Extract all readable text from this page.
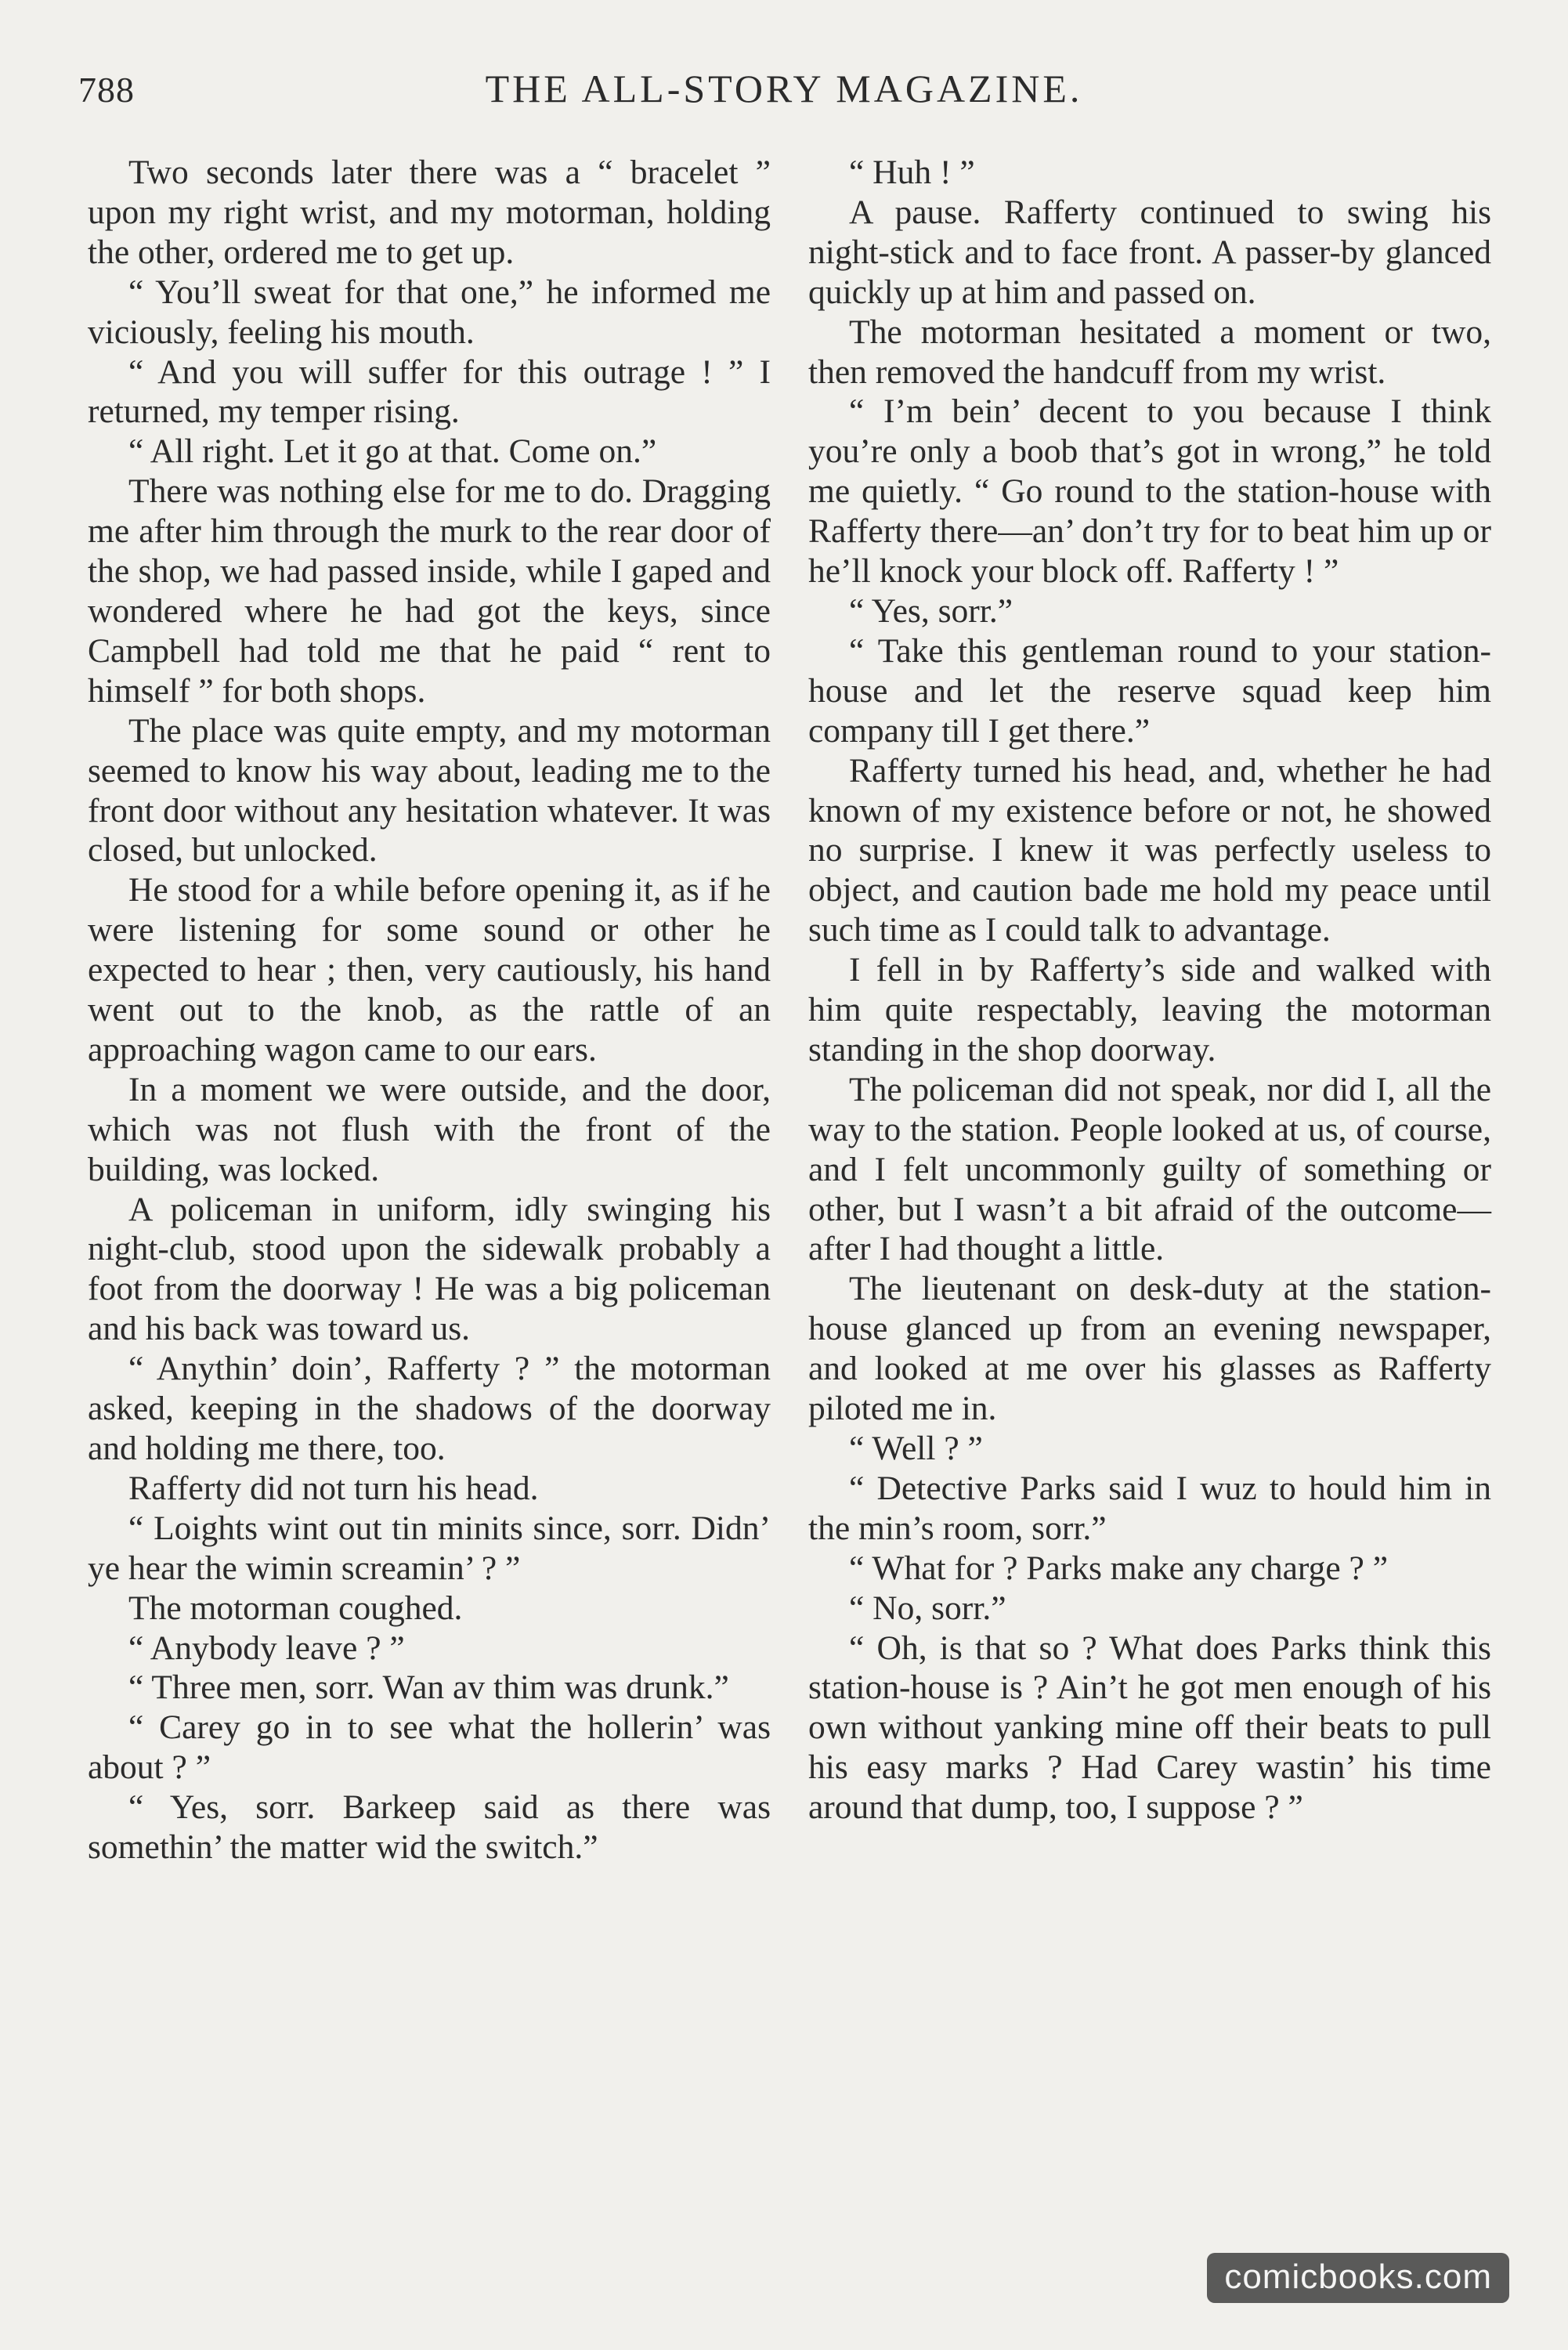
788	THE ALL-STORY MAGAZINE.

Two seconds later there was a “ bracelet ” upon my right wrist, and my motorman, holding the other, ordered me to get up.

“ You’ll sweat for that one,” he informed me viciously, feeling his mouth.

“ And you will suffer for this outrage ! ” I returned, my temper rising.

“ All right. Let it go at that. Come on.”

There was nothing else for me to do. Dragging me after him through the murk to the rear door of the shop, we had passed inside, while I gaped and wondered where he had got the keys, since Campbell had told me that he paid “ rent to himself ” for both shops.

The place was quite empty, and my motorman seemed to know his way about, leading me to the front door without any hesitation whatever. It was closed, but unlocked.

He stood for a while before opening it, as if he were listening for some sound or other he expected to hear ; then, very cautiously, his hand went out to the knob, as the rattle of an approaching wagon came to our ears.

In a moment we were outside, and the door, which was not flush with the front of the building, was locked.

A policeman in uniform, idly swinging his night-club, stood upon the sidewalk probably a foot from the doorway ! He was a big policeman and his back was toward us.

“ Anythin’ doin’, Rafferty ? ” the motorman asked, keeping in the shadows of the doorway and holding me there, too.

Rafferty did not turn his head.

“ Loights wint out tin minits since, sorr. Didn’ ye hear the wimin screamin’ ? ”

The motorman coughed.

“ Anybody leave ? ”

“ Three men, sorr. Wan av thim was drunk.”

“ Carey go in to see what the hollerin’ was about ? ”

“ Yes, sorr. Barkeep said as there was somethin’ the matter wid the switch.”

“ Huh ! ”

A pause. Rafferty continued to swing his night-stick and to face front. A passer-by glanced quickly up at him and passed on.

The motorman hesitated a moment or two, then removed the handcuff from my wrist.

“ I’m bein’ decent to you because I think you’re only a boob that’s got in wrong,” he told me quietly. “ Go round to the station-house with Rafferty there—an’ don’t try for to beat him up or he’ll knock your block off. Rafferty ! ”

“ Yes, sorr.”

“ Take this gentleman round to your station-house and let the reserve squad keep him company till I get there.”

Rafferty turned his head, and, whether he had known of my existence before or not, he showed no surprise. I knew it was perfectly useless to object, and caution bade me hold my peace until such time as I could talk to advantage.

I fell in by Rafferty’s side and walked with him quite respectably, leaving the motorman standing in the shop doorway.

The policeman did not speak, nor did I, all the way to the station. People looked at us, of course, and I felt uncommonly guilty of something or other, but I wasn’t a bit afraid of the outcome—after I had thought a little.

The lieutenant on desk-duty at the station-house glanced up from an evening newspaper, and looked at me over his glasses as Rafferty piloted me in.

“ Well ? ”

“ Detective Parks said I wuz to hould him in the min’s room, sorr.”

“ What for ? Parks make any charge ? ”

“ No, sorr.”

“ Oh, is that so ? What does Parks think this station-house is ? Ain’t he got men enough of his own without yanking mine off their beats to pull his easy marks ? Had Carey wastin’ his time around that dump, too, I suppose ? ”

comicbooks.com
